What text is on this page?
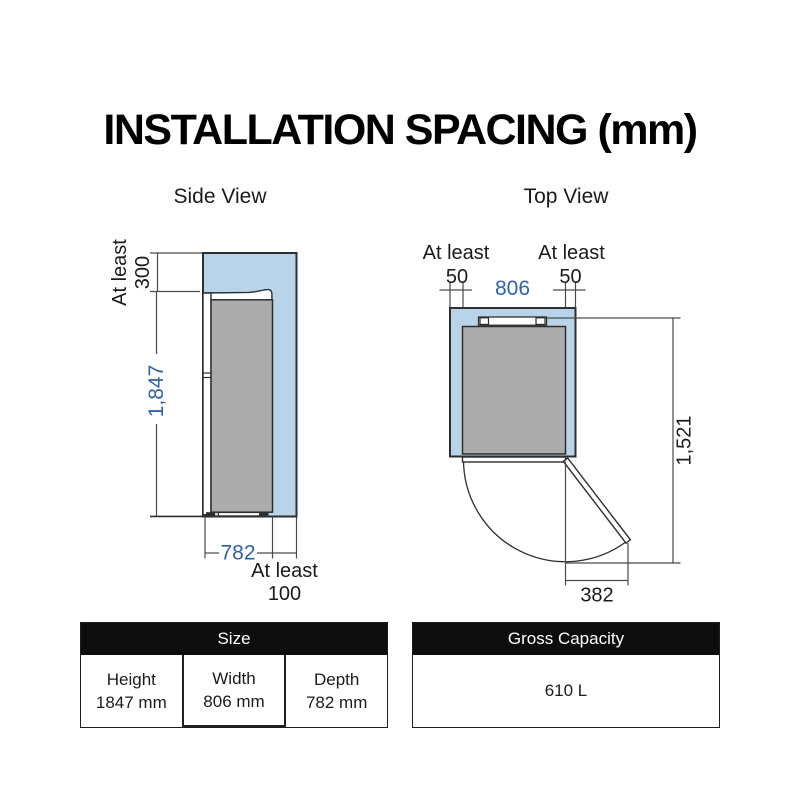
INSTALLATION SPACING (mm)
Side View	Top View
At least 300
1,847
782
At least
100
At least
50
At least
50
806
1,521
382
Size
Height
1847 mm
Width
806 mm
Depth
782 mm
Gross Capacity
610 L
